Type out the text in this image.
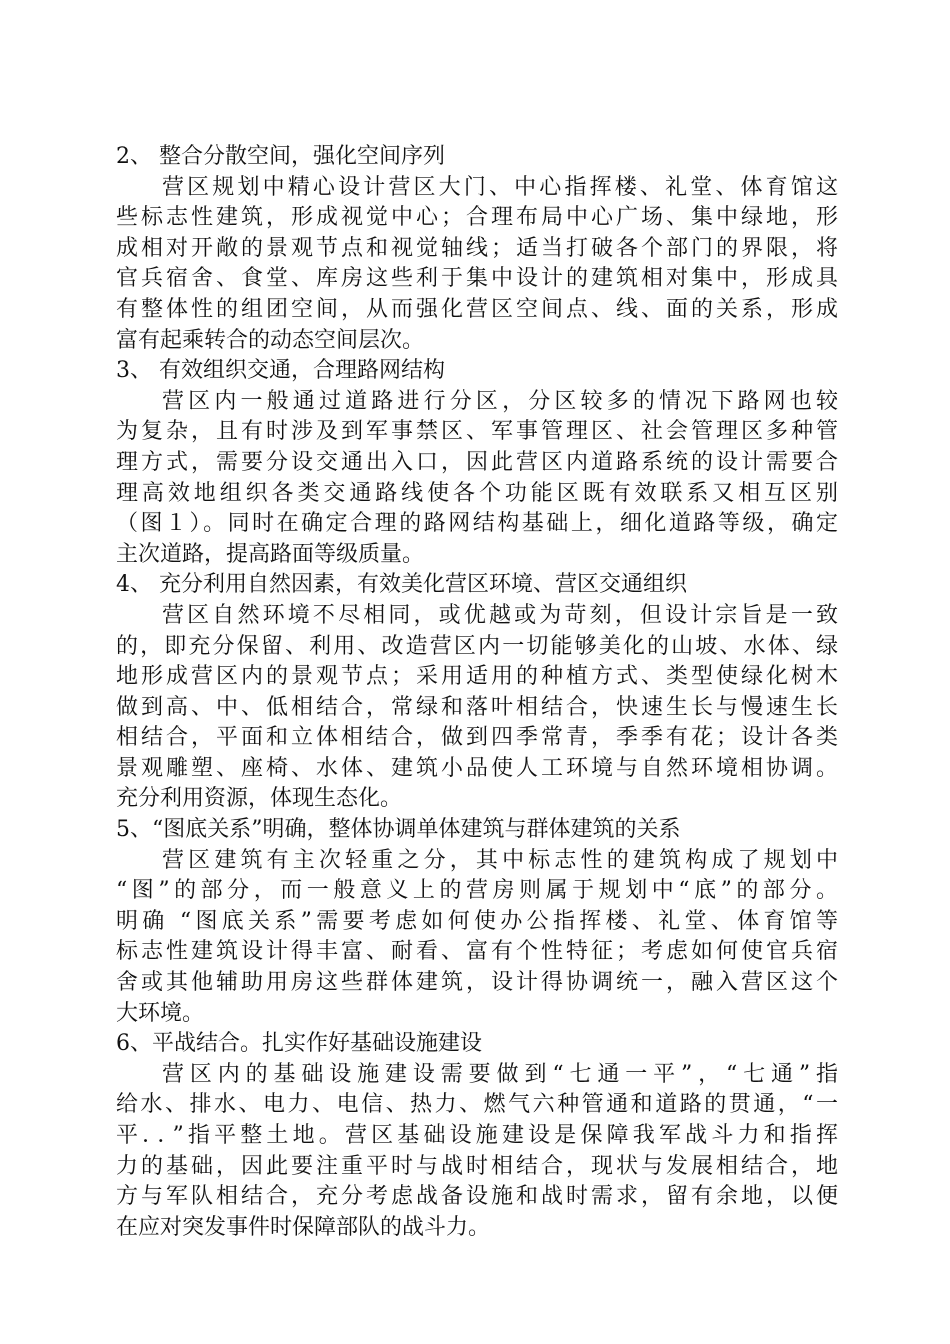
2、 整合分散空间，强化空间序列
营区规划中精心设计营区大门、中心指挥楼、礼堂、体育馆这
些标志性建筑，形成视觉中心；合理布局中心广场、集中绿地，形
成相对开敞的景观节点和视觉轴线；适当打破各个部门的界限，将
官兵宿舍、食堂、库房这些利于集中设计的建筑相对集中，形成具
有整体性的组团空间，从而强化营区空间点、线、面的关系，形成
富有起乘转合的动态空间层次。
3、 有效组织交通，合理路网结构
营区内一般通过道路进行分区，分区较多的情况下路网也较
为复杂，且有时涉及到军事禁区、军事管理区、社会管理区多种管
理方式，需要分设交通出入口，因此营区内道路系统的设计需要合
理高效地组织各类交通路线使各个功能区既有效联系又相互区别
（图１）。同时在确定合理的路网结构基础上，细化道路等级，确定
主次道路，提高路面等级质量。
4、 充分利用自然因素，有效美化营区环境、营区交通组织
营区自然环境不尽相同，或优越或为苛刻，但设计宗旨是一致
的，即充分保留、利用、改造营区内一切能够美化的山坡、水体、绿
地形成营区内的景观节点；采用适用的种植方式、类型使绿化树木
做到高、中、低相结合，常绿和落叶相结合，快速生长与慢速生长
相结合，平面和立体相结合，做到四季常青，季季有花；设计各类
景观雕塑、座椅、水体、建筑小品使人工环境与自然环境相协调。
充分利用资源，体现生态化。
5、“图底关系”明确，整体协调单体建筑与群体建筑的关系
营区建筑有主次轻重之分，其中标志性的建筑构成了规划中
“图”的部分，而一般意义上的营房则属于规划中“底”的部分。
明确 “图底关系”需要考虑如何使办公指挥楼、礼堂、体育馆等
标志性建筑设计得丰富、耐看、富有个性特征；考虑如何使官兵宿
舍或其他辅助用房这些群体建筑，设计得协调统一，融入营区这个
大环境。
6、平战结合。扎实作好基础设施建设
营区内的基础设施建设需要做到“七通一平”，“七通”指
给水、排水、电力、电信、热力、燃气六种管通和道路的贯通，“一
平．．”指平整土地。营区基础设施建设是保障我军战斗力和指挥
力的基础，因此要注重平时与战时相结合，现状与发展相结合，地
方与军队相结合，充分考虑战备设施和战时需求，留有余地，以便
在应对突发事件时保障部队的战斗力。
